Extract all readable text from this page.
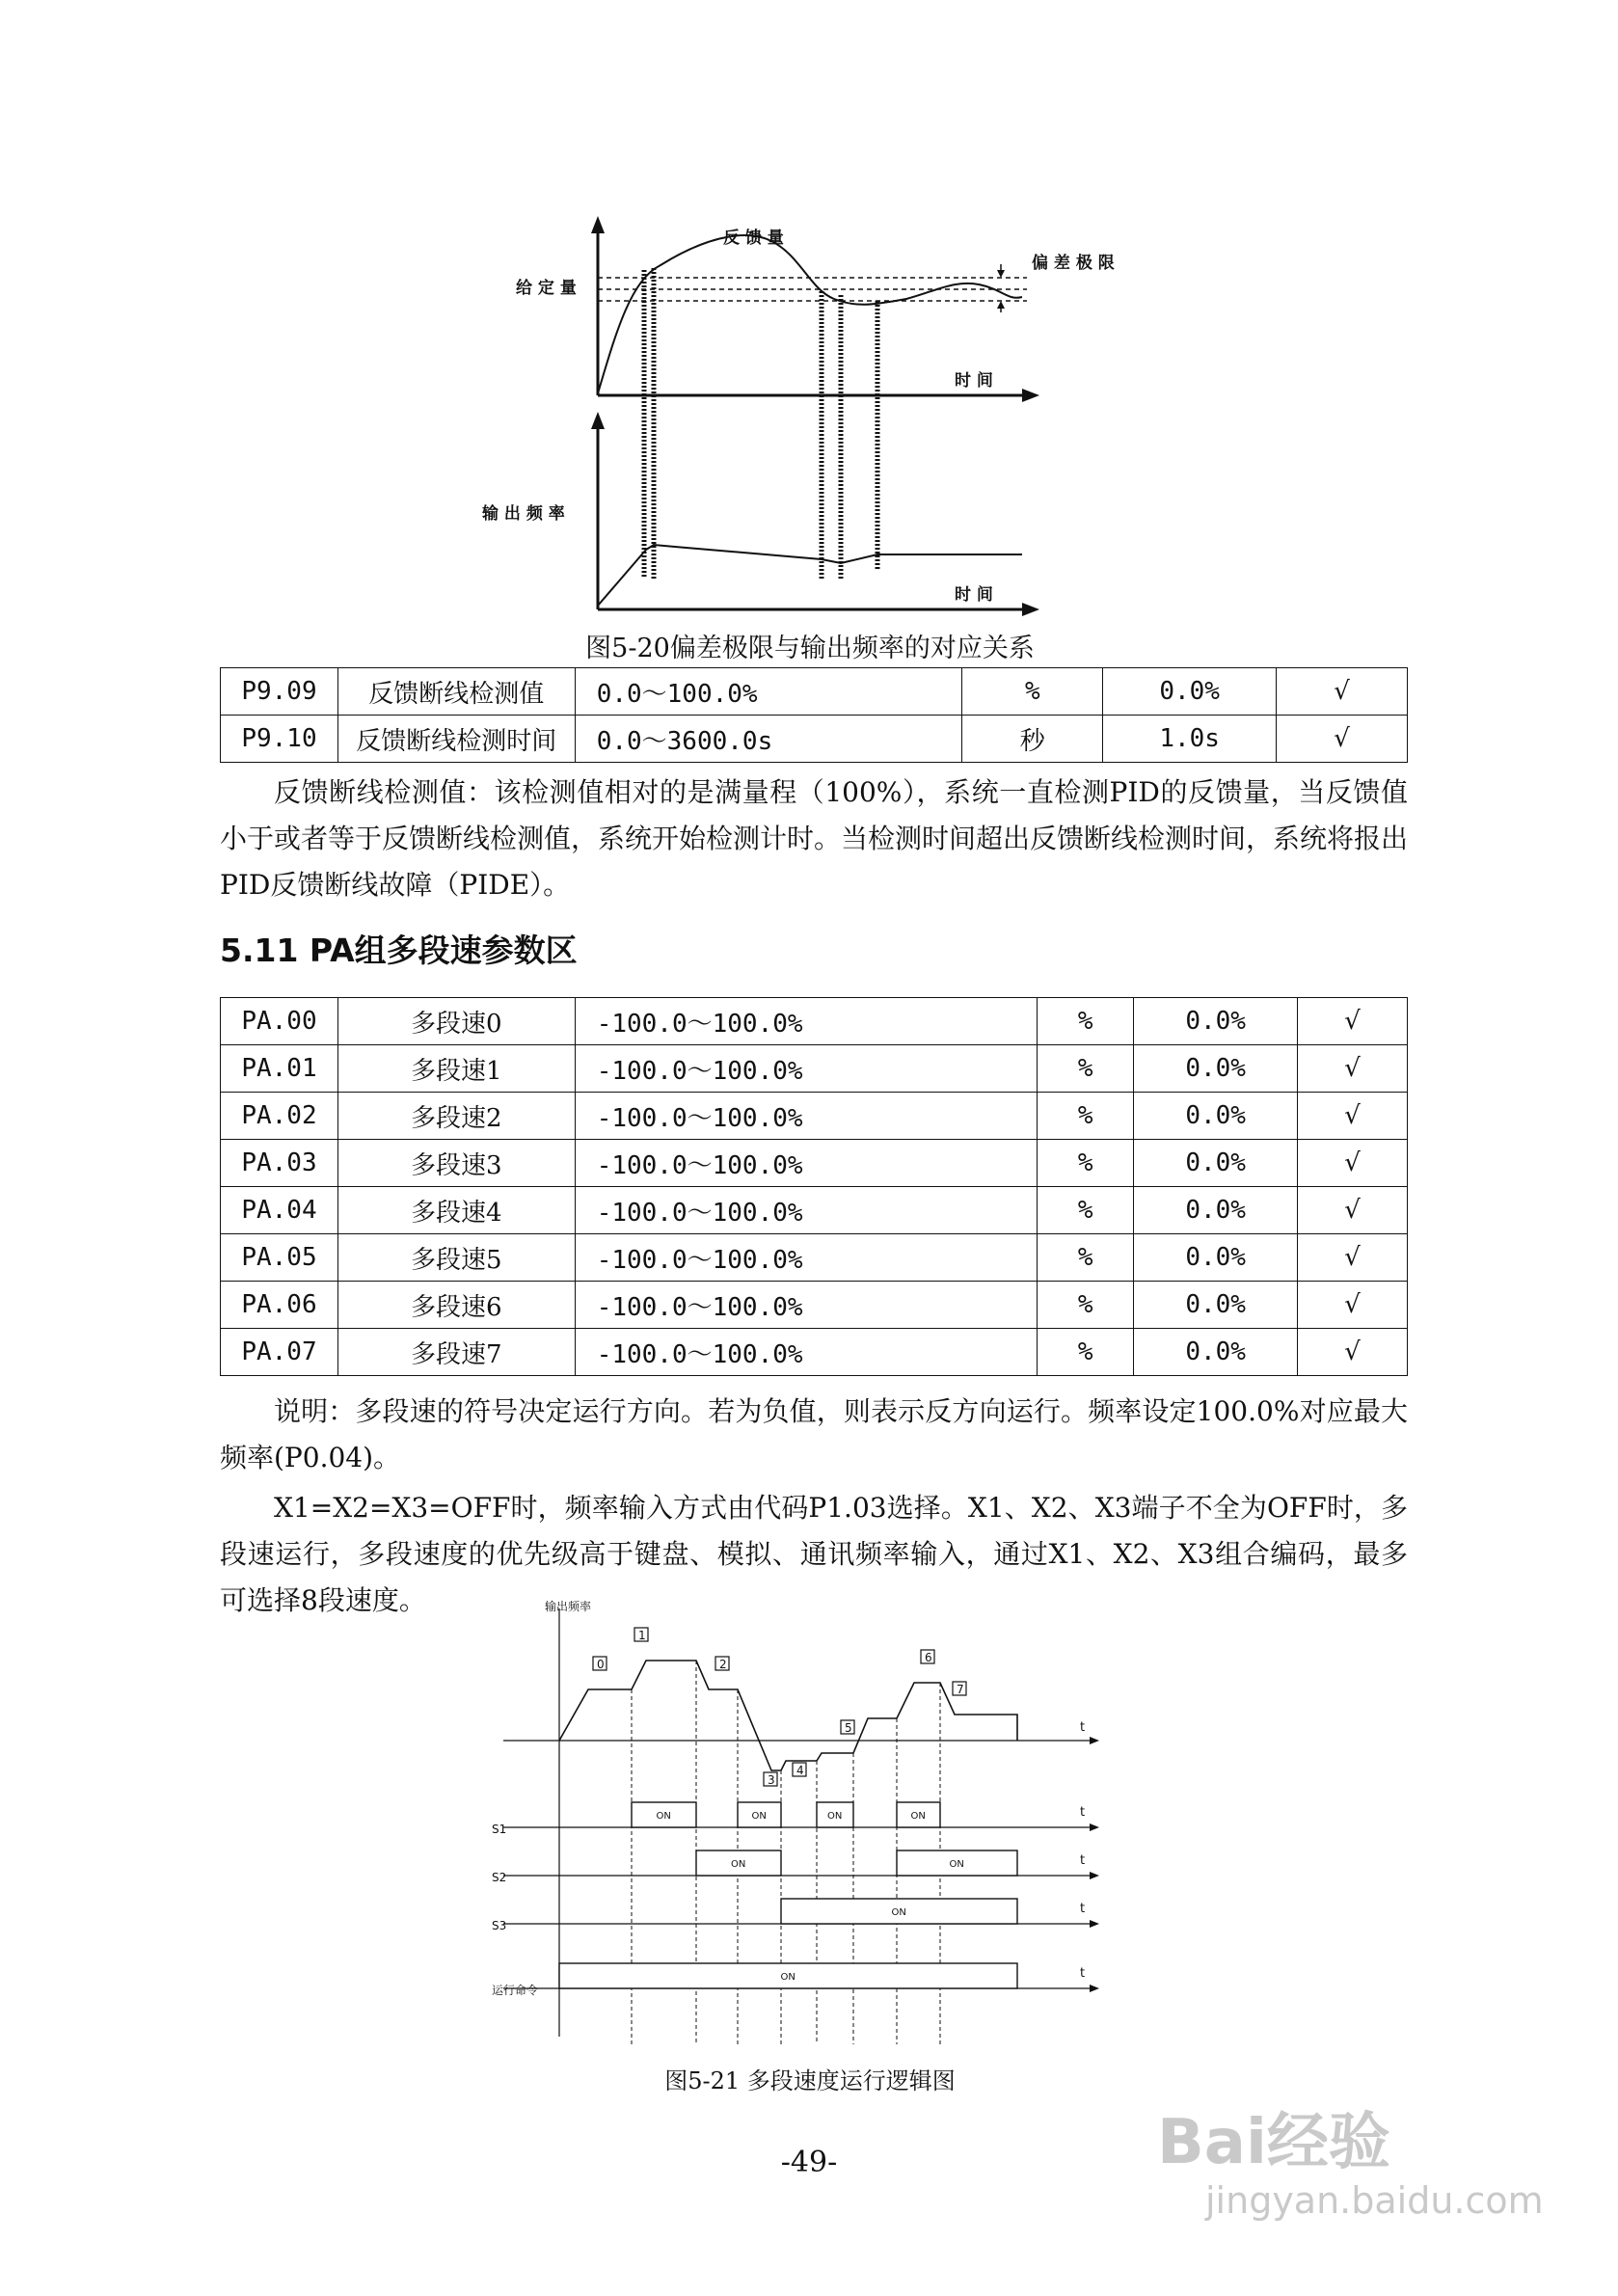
反 馈 量
给 定 量
偏 差 极 限
时 间
输 出 频 率
时 间
图5-20偏差极限与输出频率的对应关系
P9.09	反馈断线检测值	0.0～100.0%	%	0.0%	√
P9.10	反馈断线检测时间	0.0～3600.0s	秒	1.0s	√
反馈断线检测值：该检测值相对的是满量程（100%），系统一直检测PID的反馈量，当反馈值小于或者等于反馈断线检测值，系统开始检测计时。当检测时间超出反馈断线检测时间，系统将报出PID反馈断线故障（PIDE）。
5.11 PA组多段速参数区
PA.00	多段速0	-100.0～100.0%	%	0.0%	√
PA.01	多段速1	-100.0～100.0%	%	0.0%	√
PA.02	多段速2	-100.0～100.0%	%	0.0%	√
PA.03	多段速3	-100.0～100.0%	%	0.0%	√
PA.04	多段速4	-100.0～100.0%	%	0.0%	√
PA.05	多段速5	-100.0～100.0%	%	0.0%	√
PA.06	多段速6	-100.0～100.0%	%	0.0%	√
PA.07	多段速7	-100.0～100.0%	%	0.0%	√
说明：多段速的符号决定运行方向。若为负值，则表示反方向运行。频率设定100.0%对应最大频率(P0.04)。
X1=X2=X3=OFF时，频率输入方式由代码P1.03选择。X1、X2、X3端子不全为OFF时，多段速运行，多段速度的优先级高于键盘、模拟、通讯频率输入，通过X1、X2、X3组合编码，最多可选择8段速度。	输出频率
t
0
1
2
3
4
5
6
7
t
S1
ON	ON	ON	ON
t
S2
ON	ON
t
S3
ON
t
运行命令
ON
图5-21 多段速度运行逻辑图
-49-	Bai经验
jingyan.baidu.com
